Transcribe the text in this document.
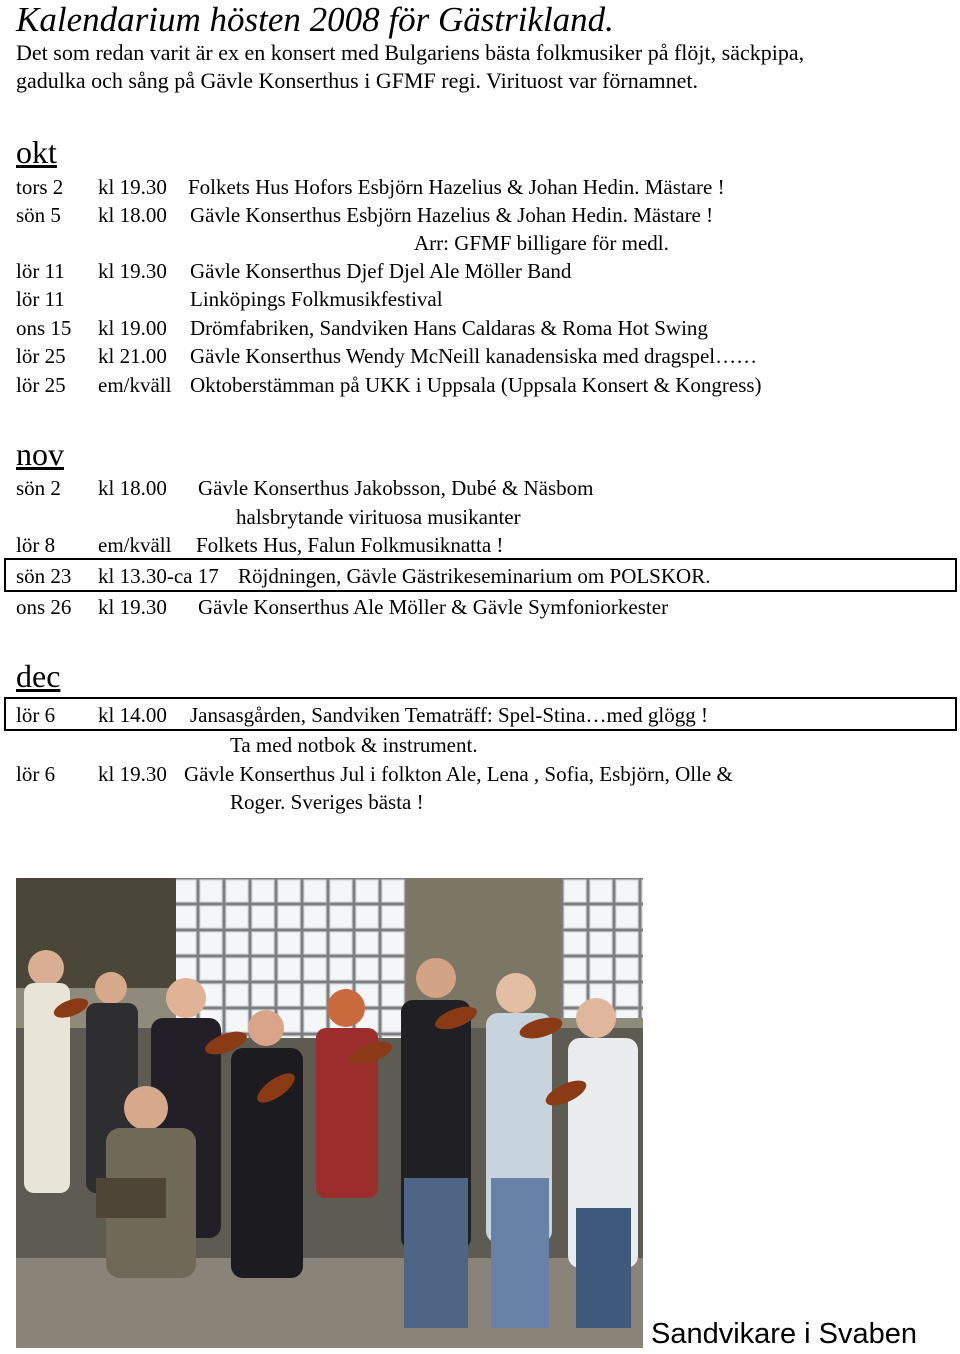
Kalendarium hösten 2008 för Gästrikland.
Det som redan varit är ex en konsert med Bulgariens bästa folkmusiker på flöjt, säckpipa,
gadulka och sång på Gävle Konserthus i GFMF regi. Virituost var förnamnet.
okt
tors 2 kl 19.30 Folkets Hus Hofors Esbjörn Hazelius & Johan Hedin. Mästare !
sön 5 kl 18.00 Gävle Konserthus Esbjörn Hazelius & Johan Hedin. Mästare !
Arr: GFMF billigare för medl.
lör 11 kl 19.30 Gävle Konserthus Djef Djel Ale Möller Band
lör 11	Linköpings Folkmusikfestival
ons 15 kl 19.00 Drömfabriken, Sandviken Hans Caldaras & Roma Hot Swing
lör 25 kl 21.00 Gävle Konserthus Wendy McNeill kanadensiska med dragspel……
lör 25 em/kväll Oktoberstämman på UKK i Uppsala (Uppsala Konsert & Kongress)
nov
sön 2 kl 18.00 Gävle Konserthus Jakobsson, Dubé & Näsbom
halsbrytande virituosa musikanter
lör 8 em/kväll Folkets Hus, Falun Folkmusiknatta !
sön 23 kl 13.30-ca 17 Röjdningen, Gävle Gästrikeseminarium om POLSKOR.
ons 26 kl 19.30 Gävle Konserthus Ale Möller & Gävle Symfoniorkester
dec
lör 6 kl 14.00 Jansasgården, Sandviken Tematräff: Spel-Stina…med glögg !
Ta med notbok & instrument.
lör 6 kl 19.30 Gävle Konserthus Jul i folkton Ale, Lena , Sofia, Esbjörn, Olle &
Roger. Sveriges bästa !
Sandvikare i Svaben
